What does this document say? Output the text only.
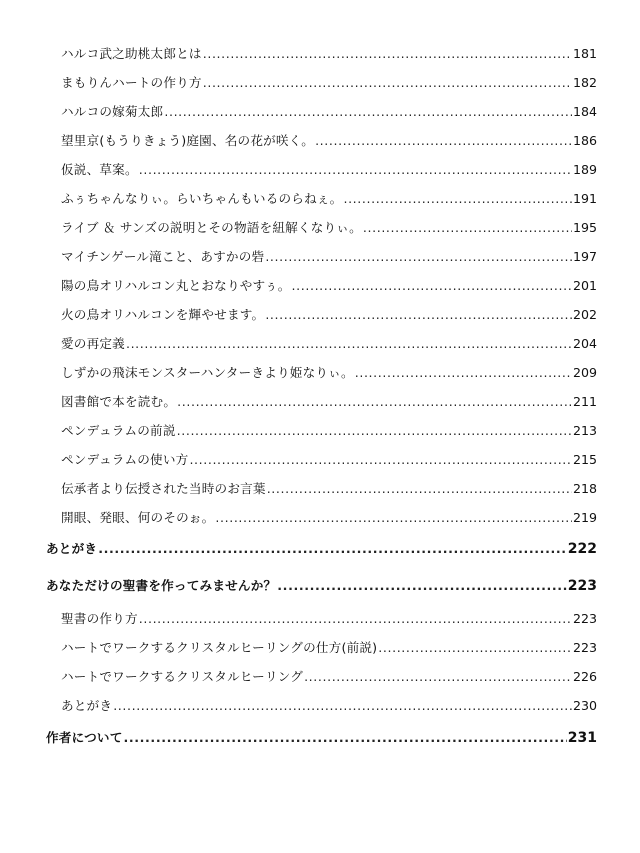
ハルコ武之助桃太郎とは .....	181
まもりんハートの作り方 .....	182
ハルコの嫁菊太郎 .....	184
望里京(もうりきょう)庭園、名の花が咲く。 .....	186
仮説、草案。 .....	189
ふぅちゃんなりぃ。らいちゃんもいるのらねぇ。 .....	191
ライブ ＆ サンズの説明とその物語を紐解くなりぃ。 .....	195
マイチンゲール滝こと、あすかの砦 .....	197
陽の鳥オリハルコン丸とおなりやすぅ。 .....	201
火の鳥オリハルコンを輝やせます。 .....	202
愛の再定義 .....	204
しずかの飛沫モンスターハンターきより姫なりぃ。 .....	209
図書館で本を読む。 .....	211
ペンデュラムの前説 .....	213
ペンデュラムの使い方 .....	215
伝承者より伝授された当時のお言葉 .....	218
開眼、発眼、何のそのぉ。 .....	219
あとがき .....	222
あなただけの聖書を作ってみませんか？ .....	223
聖書の作り方 .....	223
ハートでワークするクリスタルヒーリングの仕方(前説) .....	223
ハートでワークするクリスタルヒーリング .....	226
あとがき .....	230
作者について .....	231
